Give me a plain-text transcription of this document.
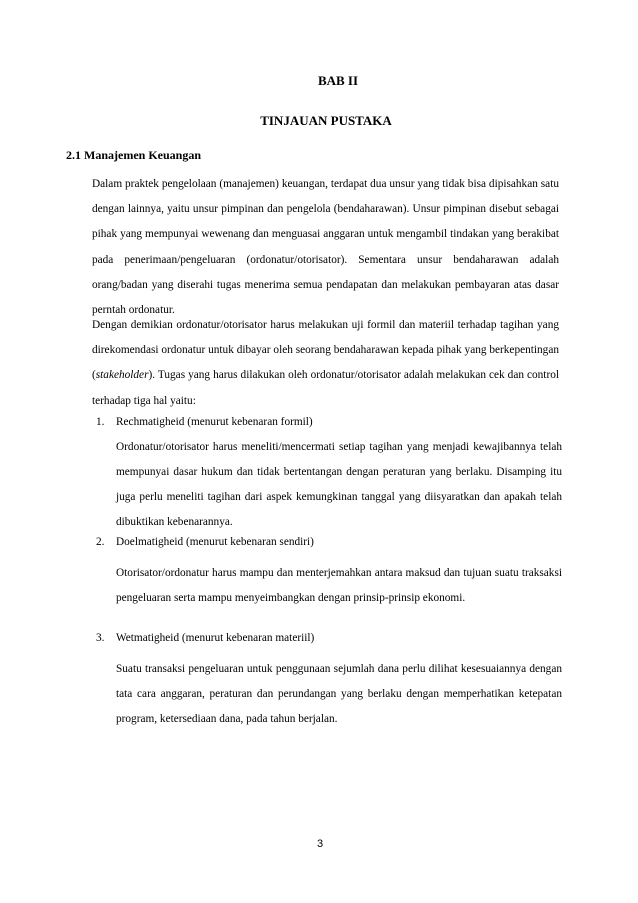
BAB II
TINJAUAN PUSTAKA
2.1 Manajemen Keuangan

Dalam praktek pengelolaan (manajemen) keuangan, terdapat dua unsur yang tidak bisa dipisahkan satu dengan lainnya, yaitu unsur pimpinan dan pengelola (bendaharawan). Unsur pimpinan disebut sebagai pihak yang mempunyai wewenang dan menguasai anggaran untuk mengambil tindakan yang berakibat pada penerimaan/pengeluaran (ordonatur/otorisator). Sementara unsur bendaharawan adalah orang/badan yang diserahi tugas menerima semua pendapatan dan melakukan pembayaran atas dasar perntah ordonatur.

Dengan demikian ordonatur/otorisator harus melakukan uji formil dan materiil terhadap tagihan yang direkomendasi ordonatur untuk dibayar oleh seorang bendaharawan kepada pihak yang berkepentingan (stakeholder). Tugas yang harus dilakukan oleh ordonatur/otorisator adalah melakukan cek dan control terhadap tiga hal yaitu:

1.	Rechmatigheid (menurut kebenaran formil)

Ordonatur/otorisator harus meneliti/mencermati setiap tagihan yang menjadi kewajibannya telah mempunyai dasar hukum dan tidak bertentangan dengan peraturan yang berlaku. Disamping itu juga perlu meneliti tagihan dari aspek kemungkinan tanggal yang diisyaratkan dan apakah telah dibuktikan kebenarannya.

2.	Doelmatigheid (menurut kebenaran sendiri)

Otorisator/ordonatur harus mampu dan menterjemahkan antara maksud dan tujuan suatu traksaksi pengeluaran serta mampu menyeimbangkan dengan prinsip-prinsip ekonomi.

3.	Wetmatigheid (menurut kebenaran materiil)

Suatu transaksi pengeluaran untuk penggunaan sejumlah dana perlu dilihat kesesuaiannya dengan tata cara anggaran, peraturan dan perundangan yang berlaku dengan memperhatikan ketepatan program, ketersediaan dana, pada tahun berjalan.

3
